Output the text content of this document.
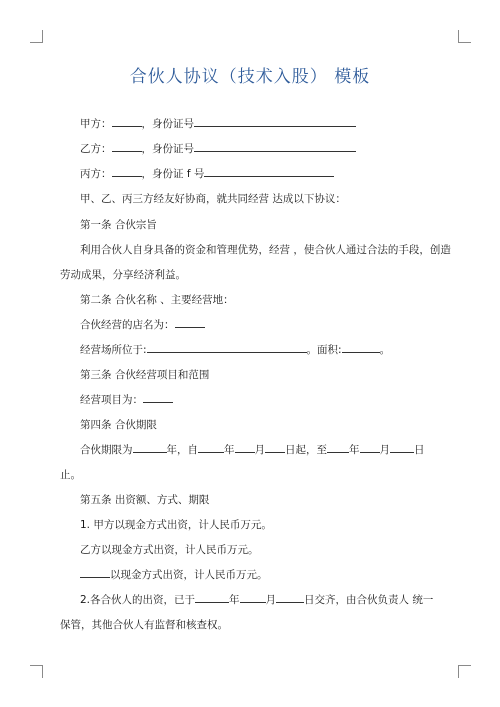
合伙人协议（技术入股） 模板
甲方：	，身份证号
乙方：	，身份证号
丙方：	，身份证 f 号
甲、乙、丙三方经友好协商，就共同经营 达成以下协议：
第一条 合伙宗旨
利用合伙人自身具备的资金和管理优势，经营 ，使合伙人通过合法的手段，创造
劳动成果，分享经济利益。
第二条 合伙名称 、主要经营地：
合伙经营的店名为：
经营场所位于:	。面积:	。
第三条 合伙经营项目和范围
经营项目为：
第四条 合伙期限
合伙期限为	年，自 年 月 日起，至 年 月 日
止。
第五条 出资额、方式、期限
1. 甲方以现金方式出资，计人民币万元。
乙方以现金方式出资，计人民币万元。
以现金方式出资，计人民币万元。
2.各合伙人的出资，已于	年 月	日交齐，由合伙负责人 统一
保管，其他合伙人有监督和核查权。
